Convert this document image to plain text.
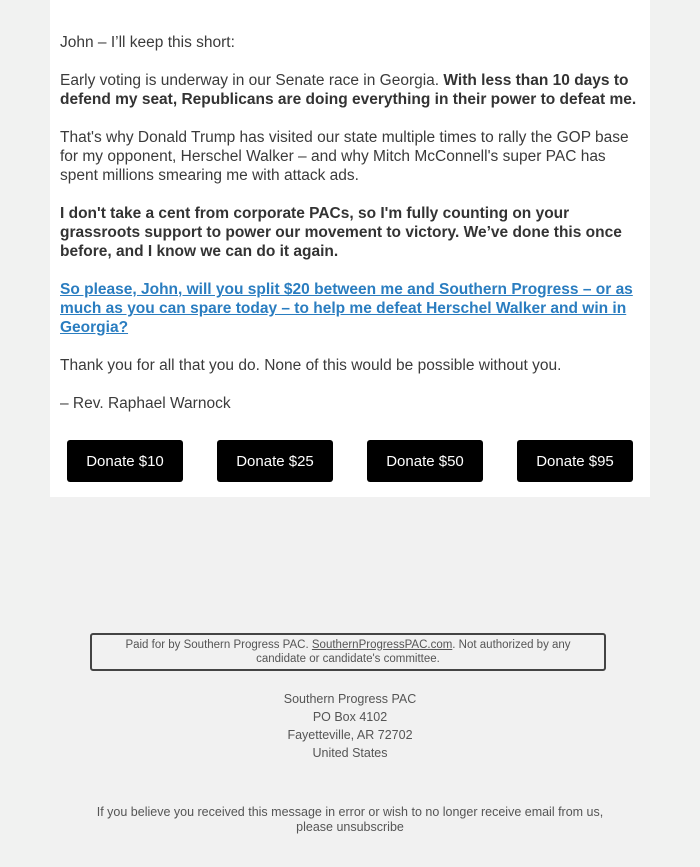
John – I’ll keep this short:

Early voting is underway in our Senate race in Georgia. With less than 10 days to defend my seat, Republicans are doing everything in their power to defeat me.

That's why Donald Trump has visited our state multiple times to rally the GOP base for my opponent, Herschel Walker – and why Mitch McConnell's super PAC has spent millions smearing me with attack ads.

I don't take a cent from corporate PACs, so I'm fully counting on your grassroots support to power our movement to victory. We’ve done this once before, and I know we can do it again.

So please, John, will you split $20 between me and Southern Progress – or as much as you can spare today – to help me defeat Herschel Walker and win in Georgia?

Thank you for all that you do. None of this would be possible without you.

– Rev. Raphael Warnock

Donate $10	Donate $25	Donate $50	Donate $95
Paid for by Southern Progress PAC. SouthernProgressPAC.com. Not authorized by any candidate or candidate's committee.
Southern Progress PAC
PO Box 4102
Fayetteville, AR 72702
United States
If you believe you received this message in error or wish to no longer receive email from us,
please unsubscribe
